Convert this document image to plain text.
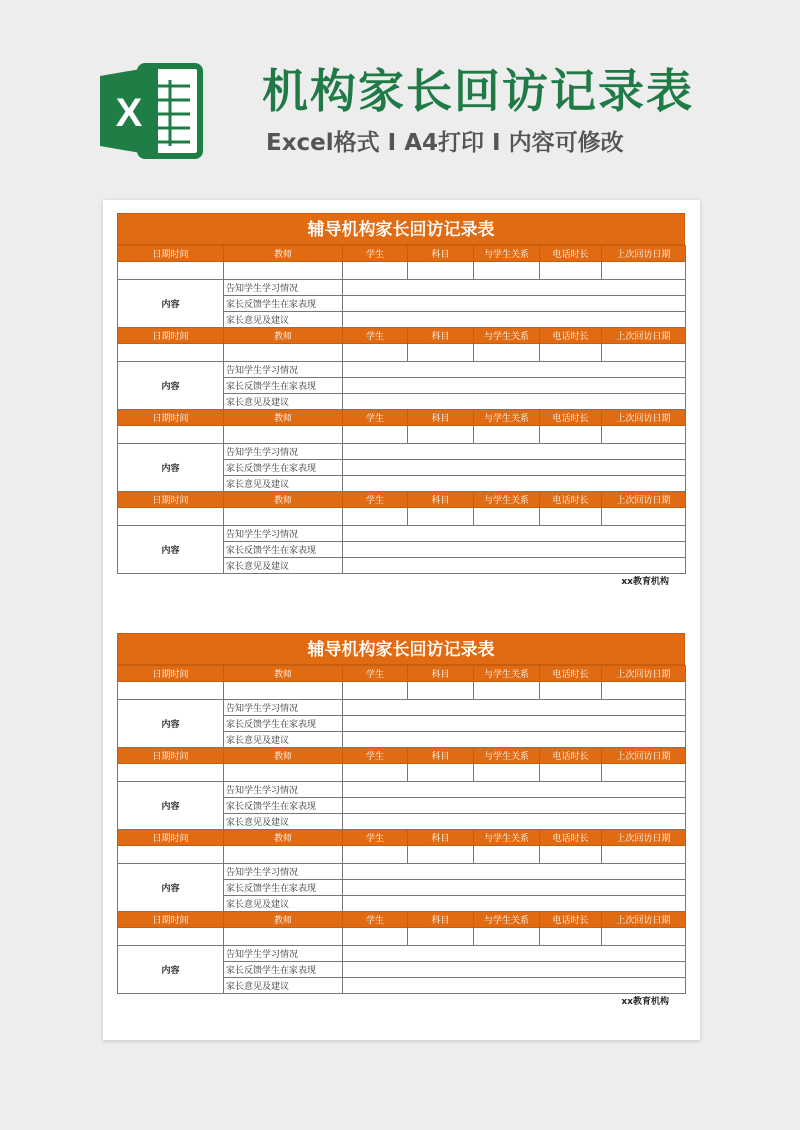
X	机构家长回访记录表
Excel格式 I A4打印 I 内容可修改
辅导机构家长回访记录表
日期时间	教师	学生	科目	与学生关系	电话时长	上次回访日期

内容	告知学生学习情况					
	家长反馈学生在家表现					
	家长意见及建议					
日期时间	教师	学生	科目	与学生关系	电话时长	上次回访日期

内容	告知学生学习情况					
	家长反馈学生在家表现					
	家长意见及建议					
日期时间	教师	学生	科目	与学生关系	电话时长	上次回访日期

内容	告知学生学习情况					
	家长反馈学生在家表现					
	家长意见及建议					
日期时间	教师	学生	科目	与学生关系	电话时长	上次回访日期

内容	告知学生学习情况					
	家长反馈学生在家表现					
	家长意见及建议					
xx教育机构
辅导机构家长回访记录表
日期时间	教师	学生	科目	与学生关系	电话时长	上次回访日期

内容	告知学生学习情况					
	家长反馈学生在家表现					
	家长意见及建议					
日期时间	教师	学生	科目	与学生关系	电话时长	上次回访日期

内容	告知学生学习情况					
	家长反馈学生在家表现					
	家长意见及建议					
日期时间	教师	学生	科目	与学生关系	电话时长	上次回访日期

内容	告知学生学习情况					
	家长反馈学生在家表现					
	家长意见及建议					
日期时间	教师	学生	科目	与学生关系	电话时长	上次回访日期

内容	告知学生学习情况					
	家长反馈学生在家表现					
	家长意见及建议					
xx教育机构
